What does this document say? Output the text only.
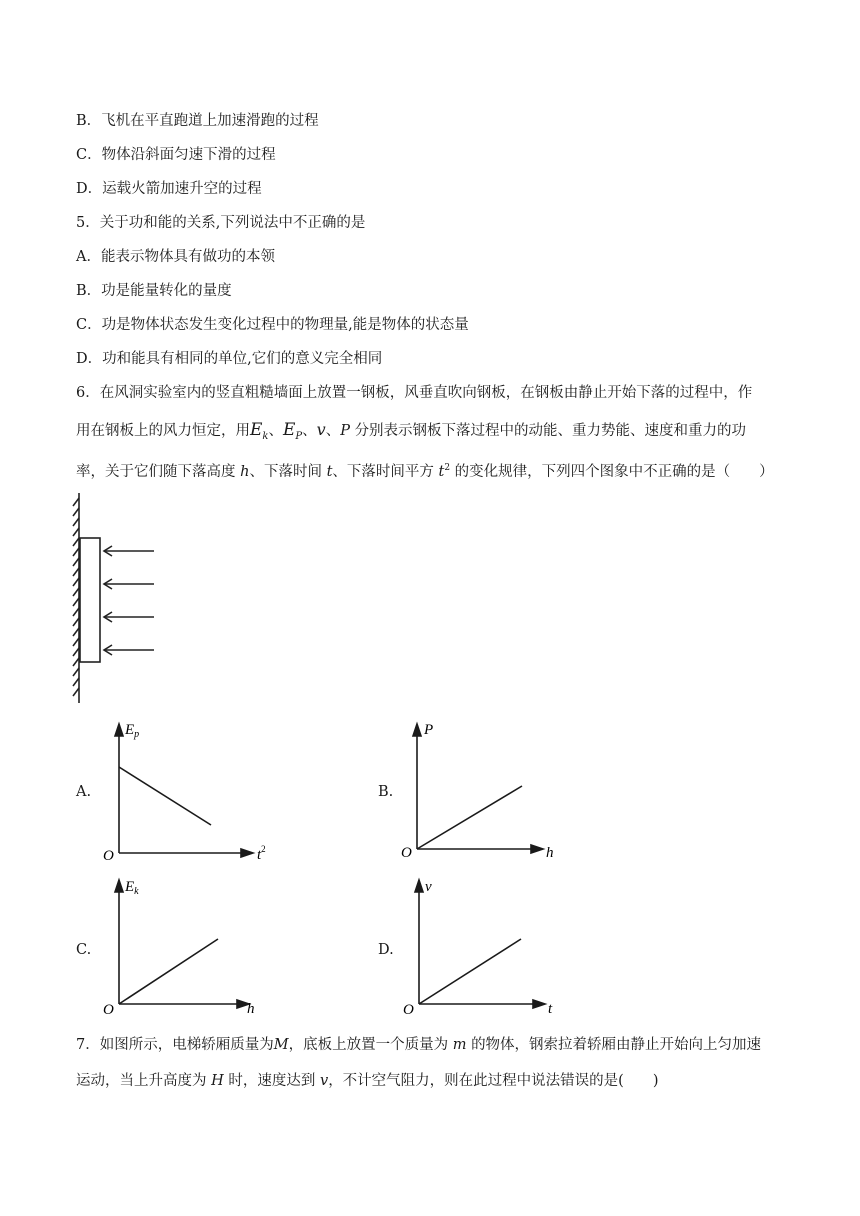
B．飞机在平直跑道上加速滑跑的过程
C．物体沿斜面匀速下滑的过程
D．运载火箭加速升空的过程
5．关于功和能的关系,下列说法中不正确的是
A．能表示物体具有做功的本领
B．功是能量转化的量度
C．功是物体状态发生变化过程中的物理量,能是物体的状态量
D．功和能具有相同的单位,它们的意义完全相同
6．在风洞实验室内的竖直粗糙墙面上放置一钢板，风垂直吹向钢板，在钢板由静止开始下落的过程中，作
用在钢板上的风力恒定，用$E_k$、$E_P$、v、P 分别表示钢板下落过程中的动能、重力势能、速度和重力的功
率，关于它们随下落高度 h、下落时间 t、下落时间平方 $t^2$ 的变化规律，下列四个图象中不正确的是（　　）
A.
$E_p$
$t^2$
O
B.
P
h
O
C.
$E_k$
h
O
D.
v
t
O
7．如图所示，电梯轿厢质量为M，底板上放置一个质量为 m 的物体，钢索拉着轿厢由静止开始向上匀加速
运动，当上升高度为 H 时，速度达到 v，不计空气阻力，则在此过程中说法错误的是(　　)
